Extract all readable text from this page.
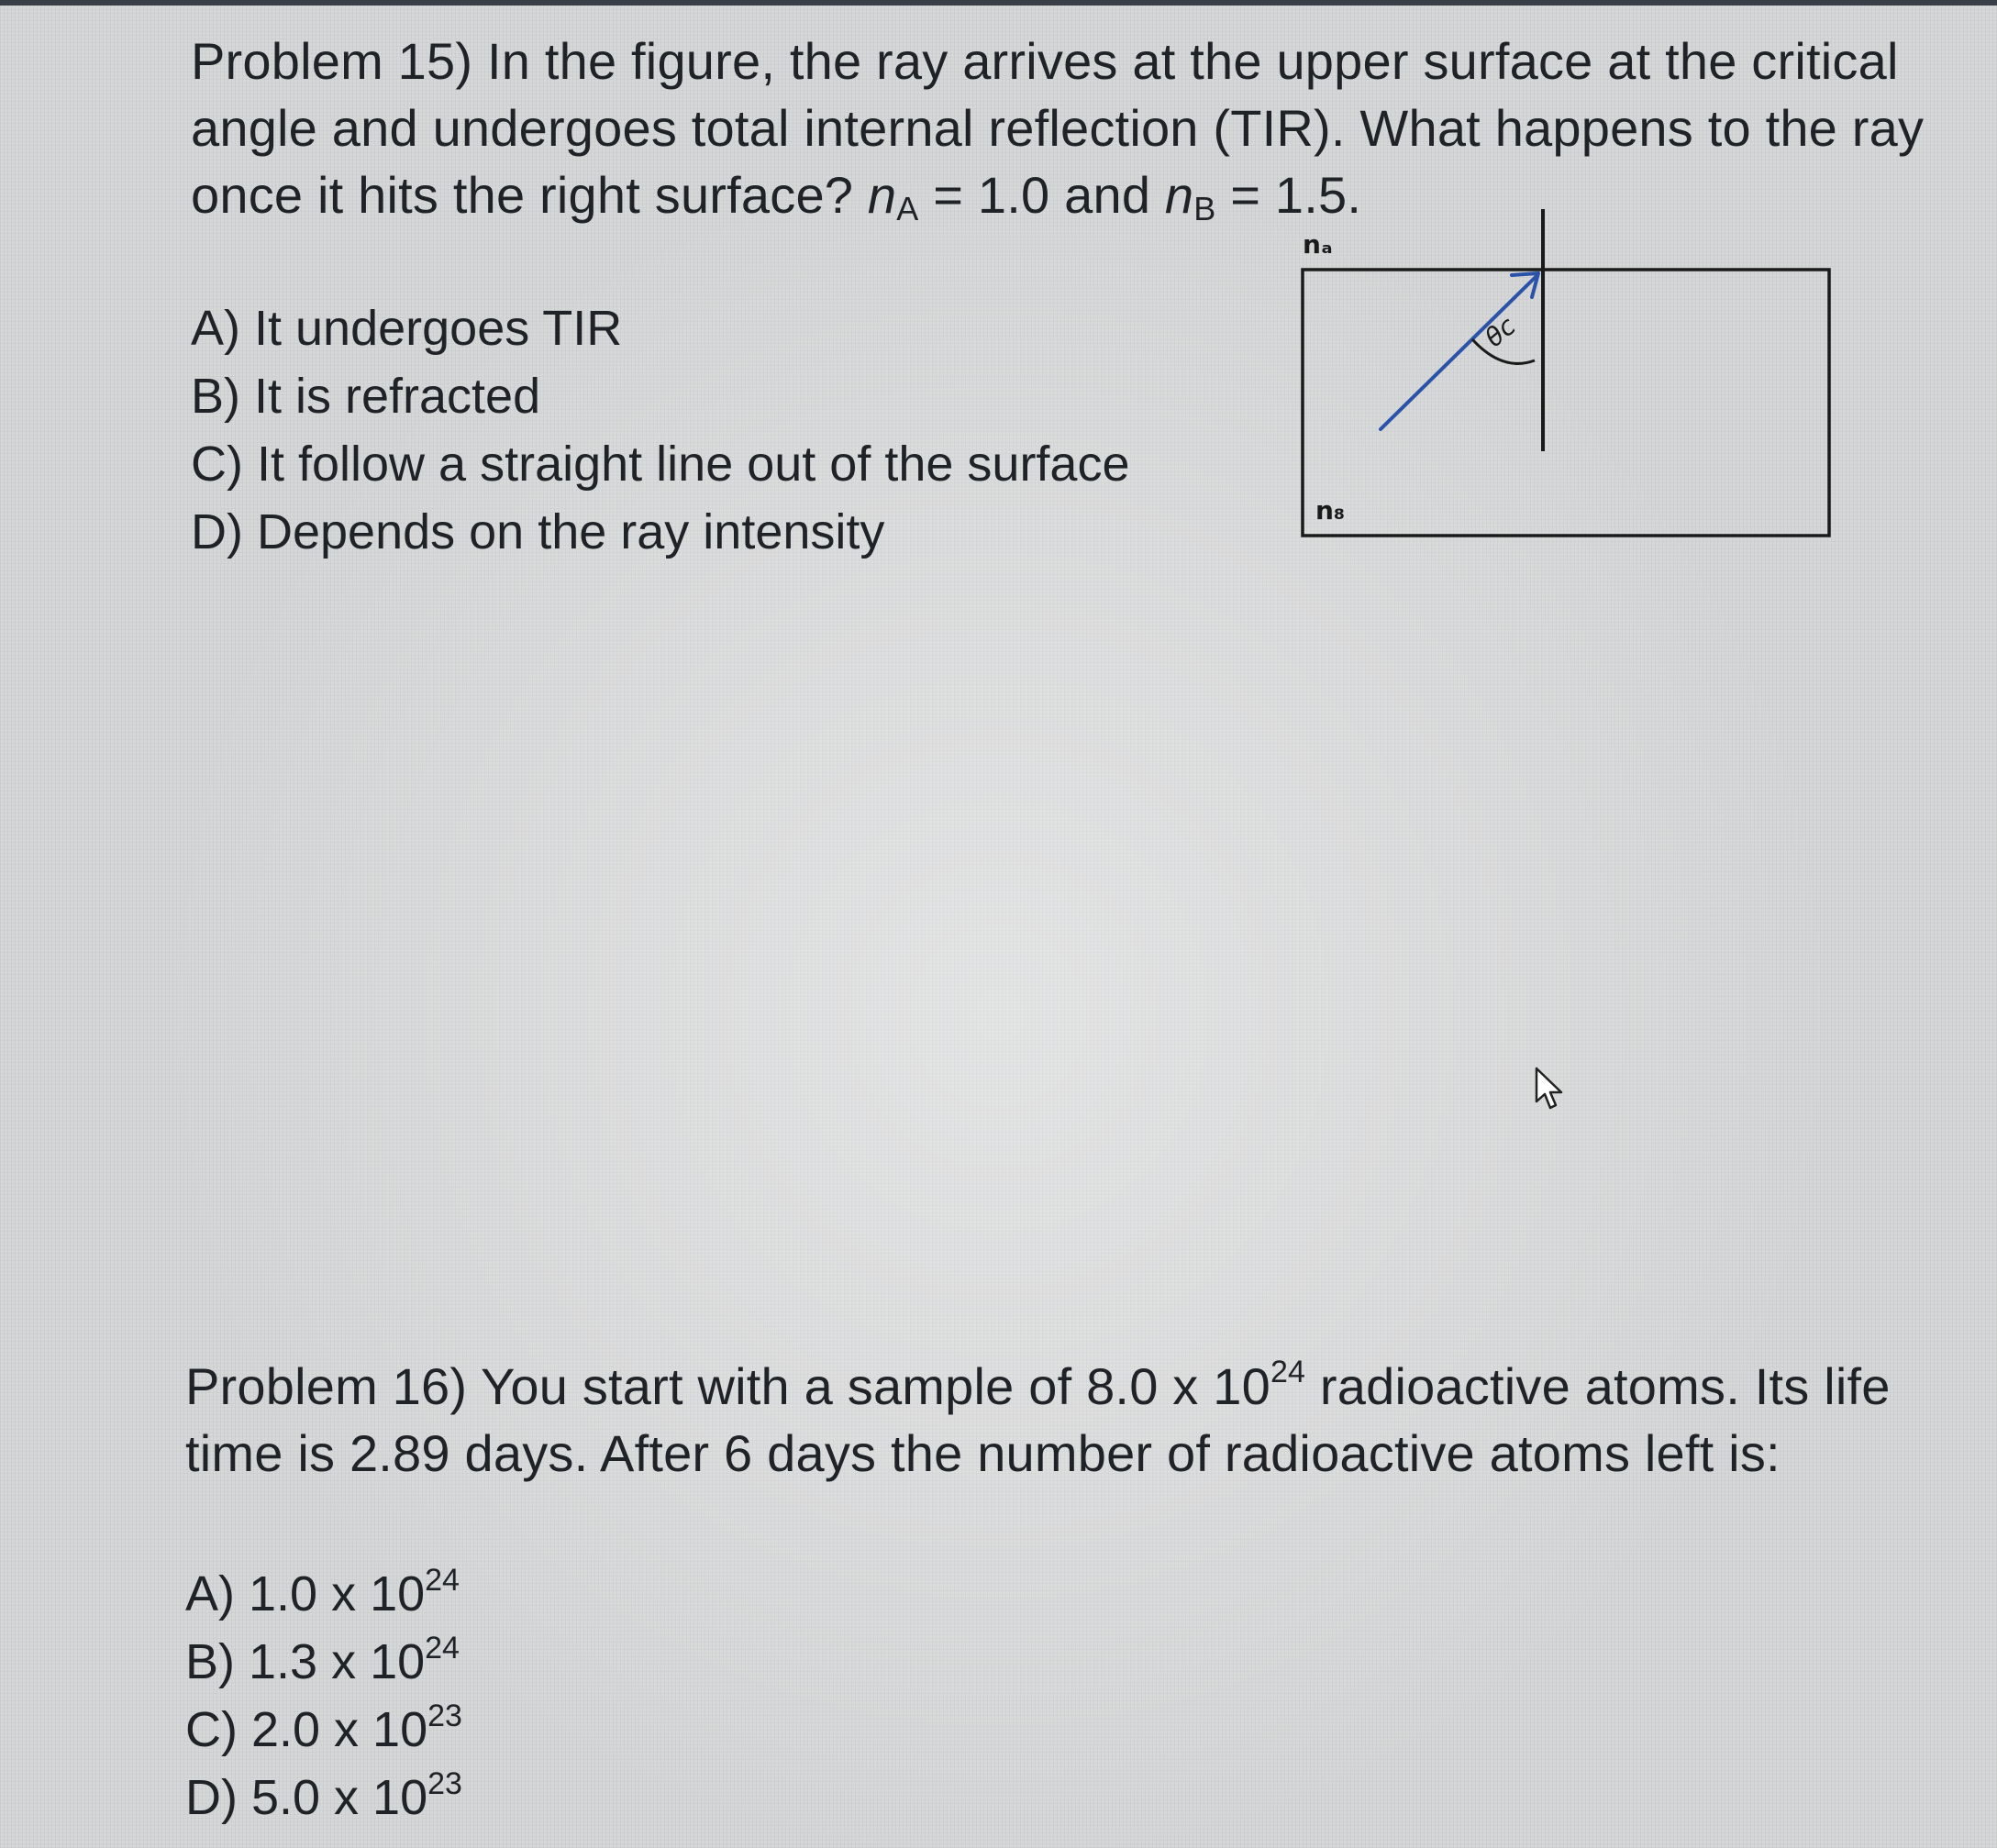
Problem 15) In the figure, the ray arrives at the upper surface at the critical angle and undergoes total internal reflection (TIR). What happens to the ray once it hits the right surface? $n_A = 1.0$ and $n_B = 1.5$.

A) It undergoes TIR
B) It is refracted
C) It follow a straight line out of the surface
D) Depends on the ray intensity
θc
nₐ
n₈

Problem 16) You start with a sample of 8.0 x $10^{24}$ radioactive atoms. Its life time is 2.89 days. After 6 days the number of radioactive atoms left is:

A) 1.0 x $10^{24}$
B) 1.3 x $10^{24}$
C) 2.0 x $10^{23}$
D) 5.0 x $10^{23}$
